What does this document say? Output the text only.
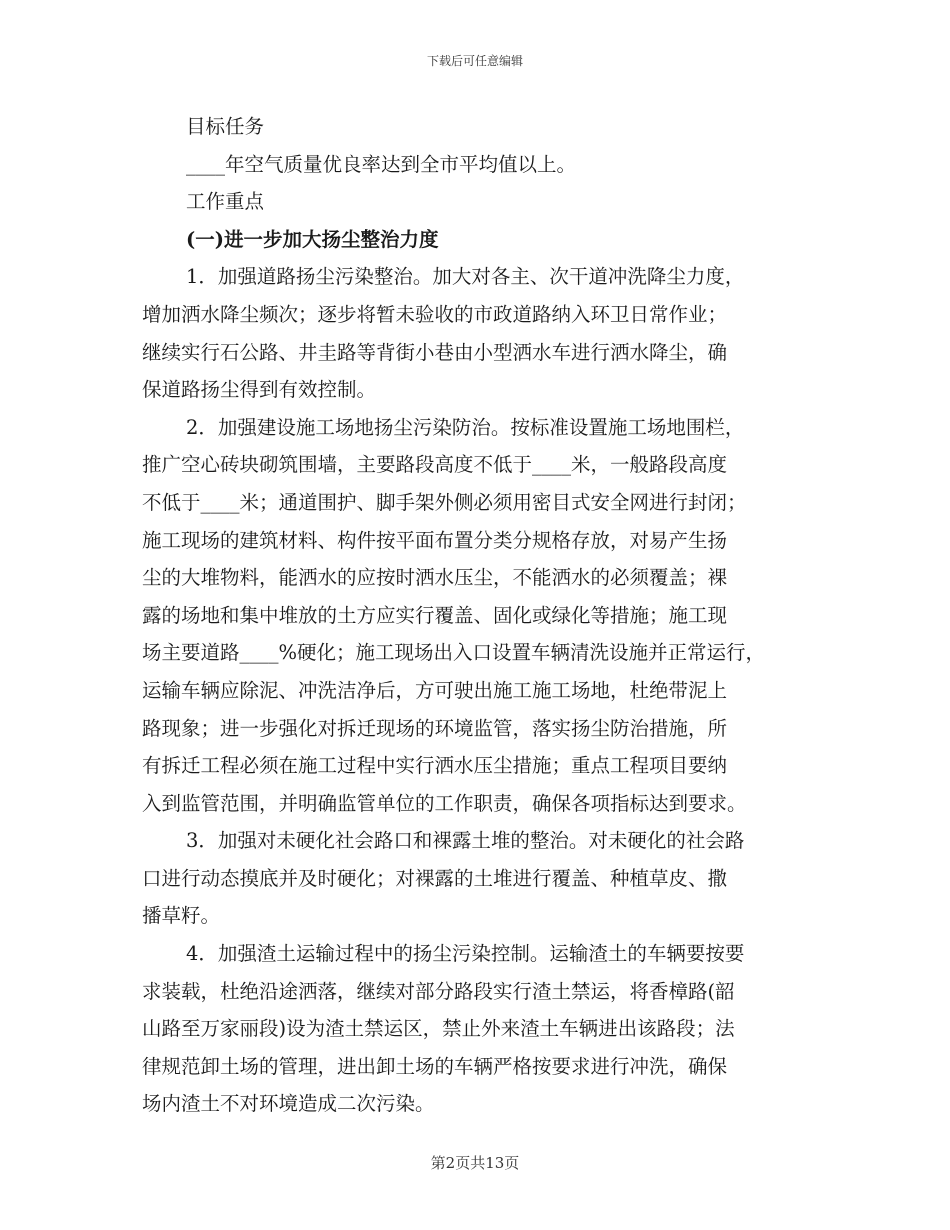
下载后可任意编辑
目标任务
____年空气质量优良率达到全市平均值以上。
工作重点
(一)进一步加大扬尘整治力度
1．加强道路扬尘污染整治。加大对各主、次干道冲洗降尘力度，
增加洒水降尘频次；逐步将暂未验收的市政道路纳入环卫日常作业；
继续实行石公路、井圭路等背街小巷由小型洒水车进行洒水降尘，确
保道路扬尘得到有效控制。
2．加强建设施工场地扬尘污染防治。按标准设置施工场地围栏，
推广空心砖块砌筑围墙，主要路段高度不低于____米，一般路段高度
不低于____米；通道围护、脚手架外侧必须用密目式安全网进行封闭；
施工现场的建筑材料、构件按平面布置分类分规格存放，对易产生扬
尘的大堆物料，能洒水的应按时洒水压尘，不能洒水的必须覆盖；裸
露的场地和集中堆放的土方应实行覆盖、固化或绿化等措施；施工现
场主要道路____%硬化；施工现场出入口设置车辆清洗设施并正常运行，
运输车辆应除泥、冲洗洁净后，方可驶出施工施工场地，杜绝带泥上
路现象；进一步强化对拆迁现场的环境监管，落实扬尘防治措施，所
有拆迁工程必须在施工过程中实行洒水压尘措施；重点工程项目要纳
入到监管范围，并明确监管单位的工作职责，确保各项指标达到要求。
3．加强对未硬化社会路口和裸露土堆的整治。对未硬化的社会路
口进行动态摸底并及时硬化；对裸露的土堆进行覆盖、种植草皮、撒
播草籽。
4．加强渣土运输过程中的扬尘污染控制。运输渣土的车辆要按要
求装载，杜绝沿途洒落，继续对部分路段实行渣土禁运，将香樟路(韶
山路至万家丽段)设为渣土禁运区，禁止外来渣土车辆进出该路段；法
律规范卸土场的管理，进出卸土场的车辆严格按要求进行冲洗，确保
场内渣土不对环境造成二次污染。
第2页共13页
